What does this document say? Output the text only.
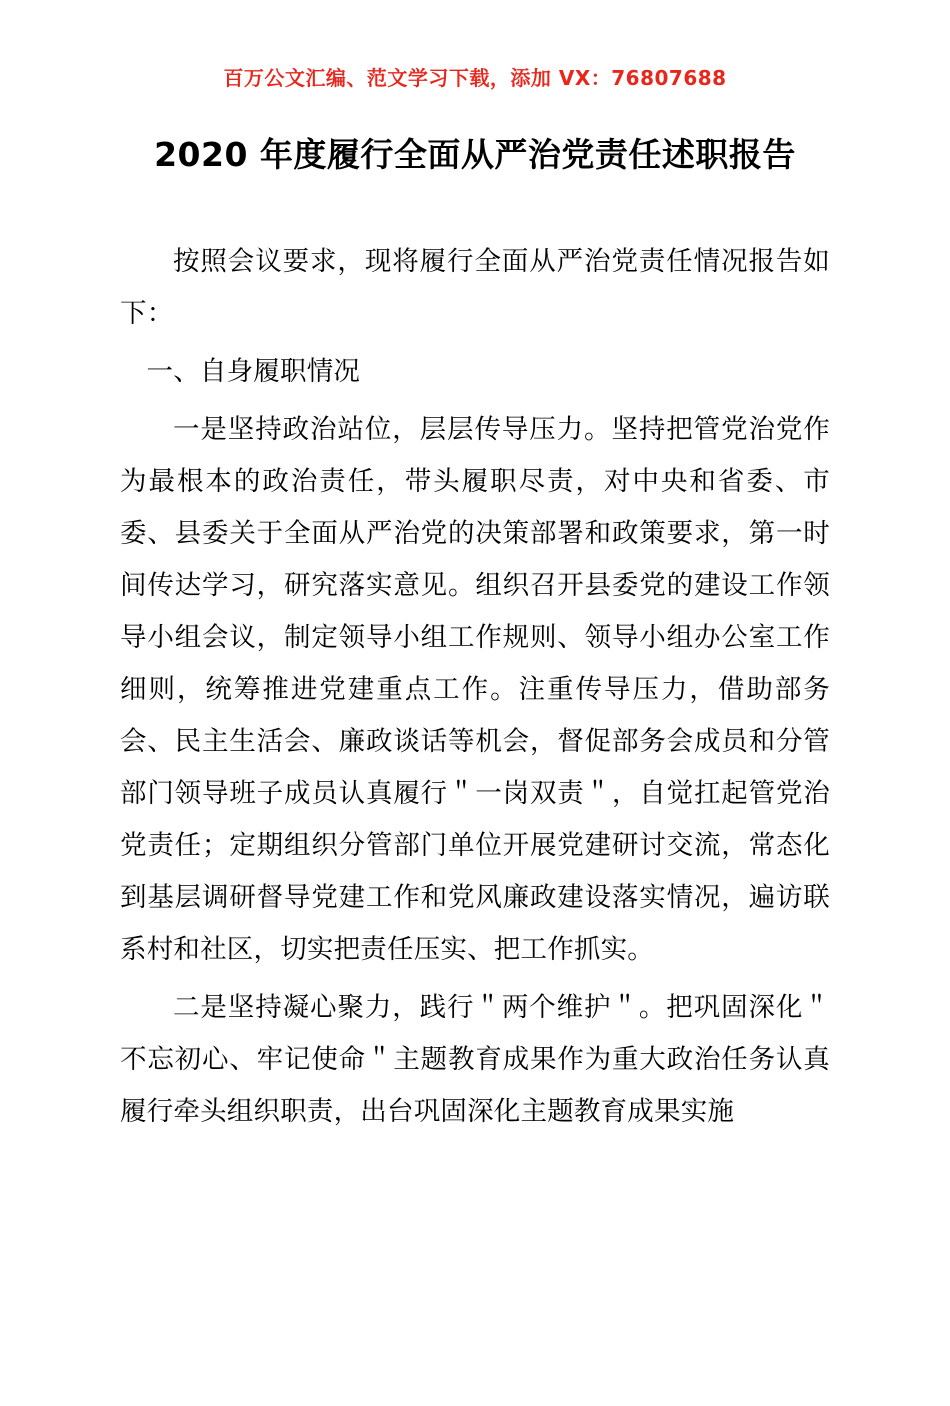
百万公文汇编、范文学习下载，添加 VX：76807688
2020 年度履行全面从严治党责任述职报告

按照会议要求，现将履行全面从严治党责任情况报告如下：

一、自身履职情况

一是坚持政治站位，层层传导压力。坚持把管党治党作为最根本的政治责任，带头履职尽责，对中央和省委、市委、县委关于全面从严治党的决策部署和政策要求，第一时间传达学习，研究落实意见。组织召开县委党的建设工作领导小组会议，制定领导小组工作规则、领导小组办公室工作细则，统筹推进党建重点工作。注重传导压力，借助部务会、民主生活会、廉政谈话等机会，督促部务会成员和分管部门领导班子成员认真履行＂一岗双责＂，自觉扛起管党治党责任；定期组织分管部门单位开展党建研讨交流，常态化到基层调研督导党建工作和党风廉政建设落实情况，遍访联系村和社区，切实把责任压实、把工作抓实。

二是坚持凝心聚力，践行＂两个维护＂。把巩固深化＂不忘初心、牢记使命＂主题教育成果作为重大政治任务认真履行牵头组织职责，出台巩固深化主题教育成果实施
